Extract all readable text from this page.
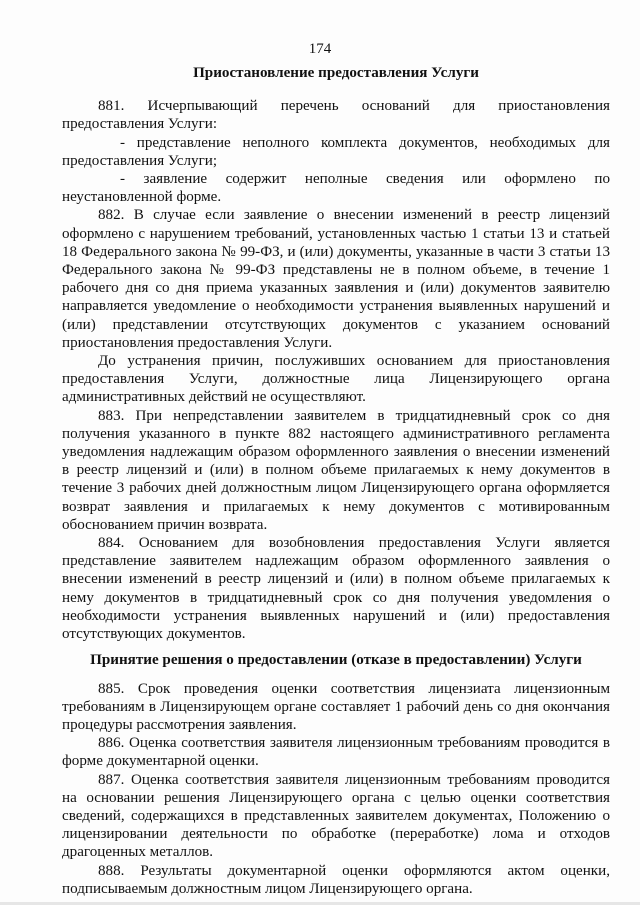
174
Приостановление предоставления Услуги

881. Исчерпывающий перечень оснований для приостановления предоставления Услуги:

- представление неполного комплекта документов, необходимых для предоставления Услуги;

- заявление содержит неполные сведения или оформлено по неустановленной форме.

882. В случае если заявление о внесении изменений в реестр лицензий оформлено с нарушением требований, установленных частью 1 статьи 13 и статьей 18 Федерального закона № 99-ФЗ, и (или) документы, указанные в части 3 статьи 13 Федерального закона № 99-ФЗ представлены не в полном объеме, в течение 1 рабочего дня со дня приема указанных заявления и (или) документов заявителю направляется уведомление о необходимости устранения выявленных нарушений и (или) представлении отсутствующих документов с указанием оснований приостановления предоставления Услуги.

До устранения причин, послуживших основанием для приостановления предоставления Услуги, должностные лица Лицензирующего органа административных действий не осуществляют.

883. При непредставлении заявителем в тридцатидневный срок со дня получения указанного в пункте 882 настоящего административного регламента уведомления надлежащим образом оформленного заявления о внесении изменений в реестр лицензий и (или) в полном объеме прилагаемых к нему документов в течение 3 рабочих дней должностным лицом Лицензирующего органа оформляется возврат заявления и прилагаемых к нему документов с мотивированным обоснованием причин возврата.

884. Основанием для возобновления предоставления Услуги является представление заявителем надлежащим образом оформленного заявления о внесении изменений в реестр лицензий и (или) в полном объеме прилагаемых к нему документов в тридцатидневный срок со дня получения уведомления о необходимости устранения выявленных нарушений и (или) предоставления отсутствующих документов.

Принятие решения о предоставлении (отказе в предоставлении) Услуги

885. Срок проведения оценки соответствия лицензиата лицензионным требованиям в Лицензирующем органе составляет 1 рабочий день со дня окончания процедуры рассмотрения заявления.

886. Оценка соответствия заявителя лицензионным требованиям проводится в форме документарной оценки.

887. Оценка соответствия заявителя лицензионным требованиям проводится на основании решения Лицензирующего органа с целью оценки соответствия сведений, содержащихся в представленных заявителем документах, Положению о лицензировании деятельности по обработке (переработке) лома и отходов драгоценных металлов.

888. Результаты документарной оценки оформляются актом оценки, подписываемым должностным лицом Лицензирующего органа.
